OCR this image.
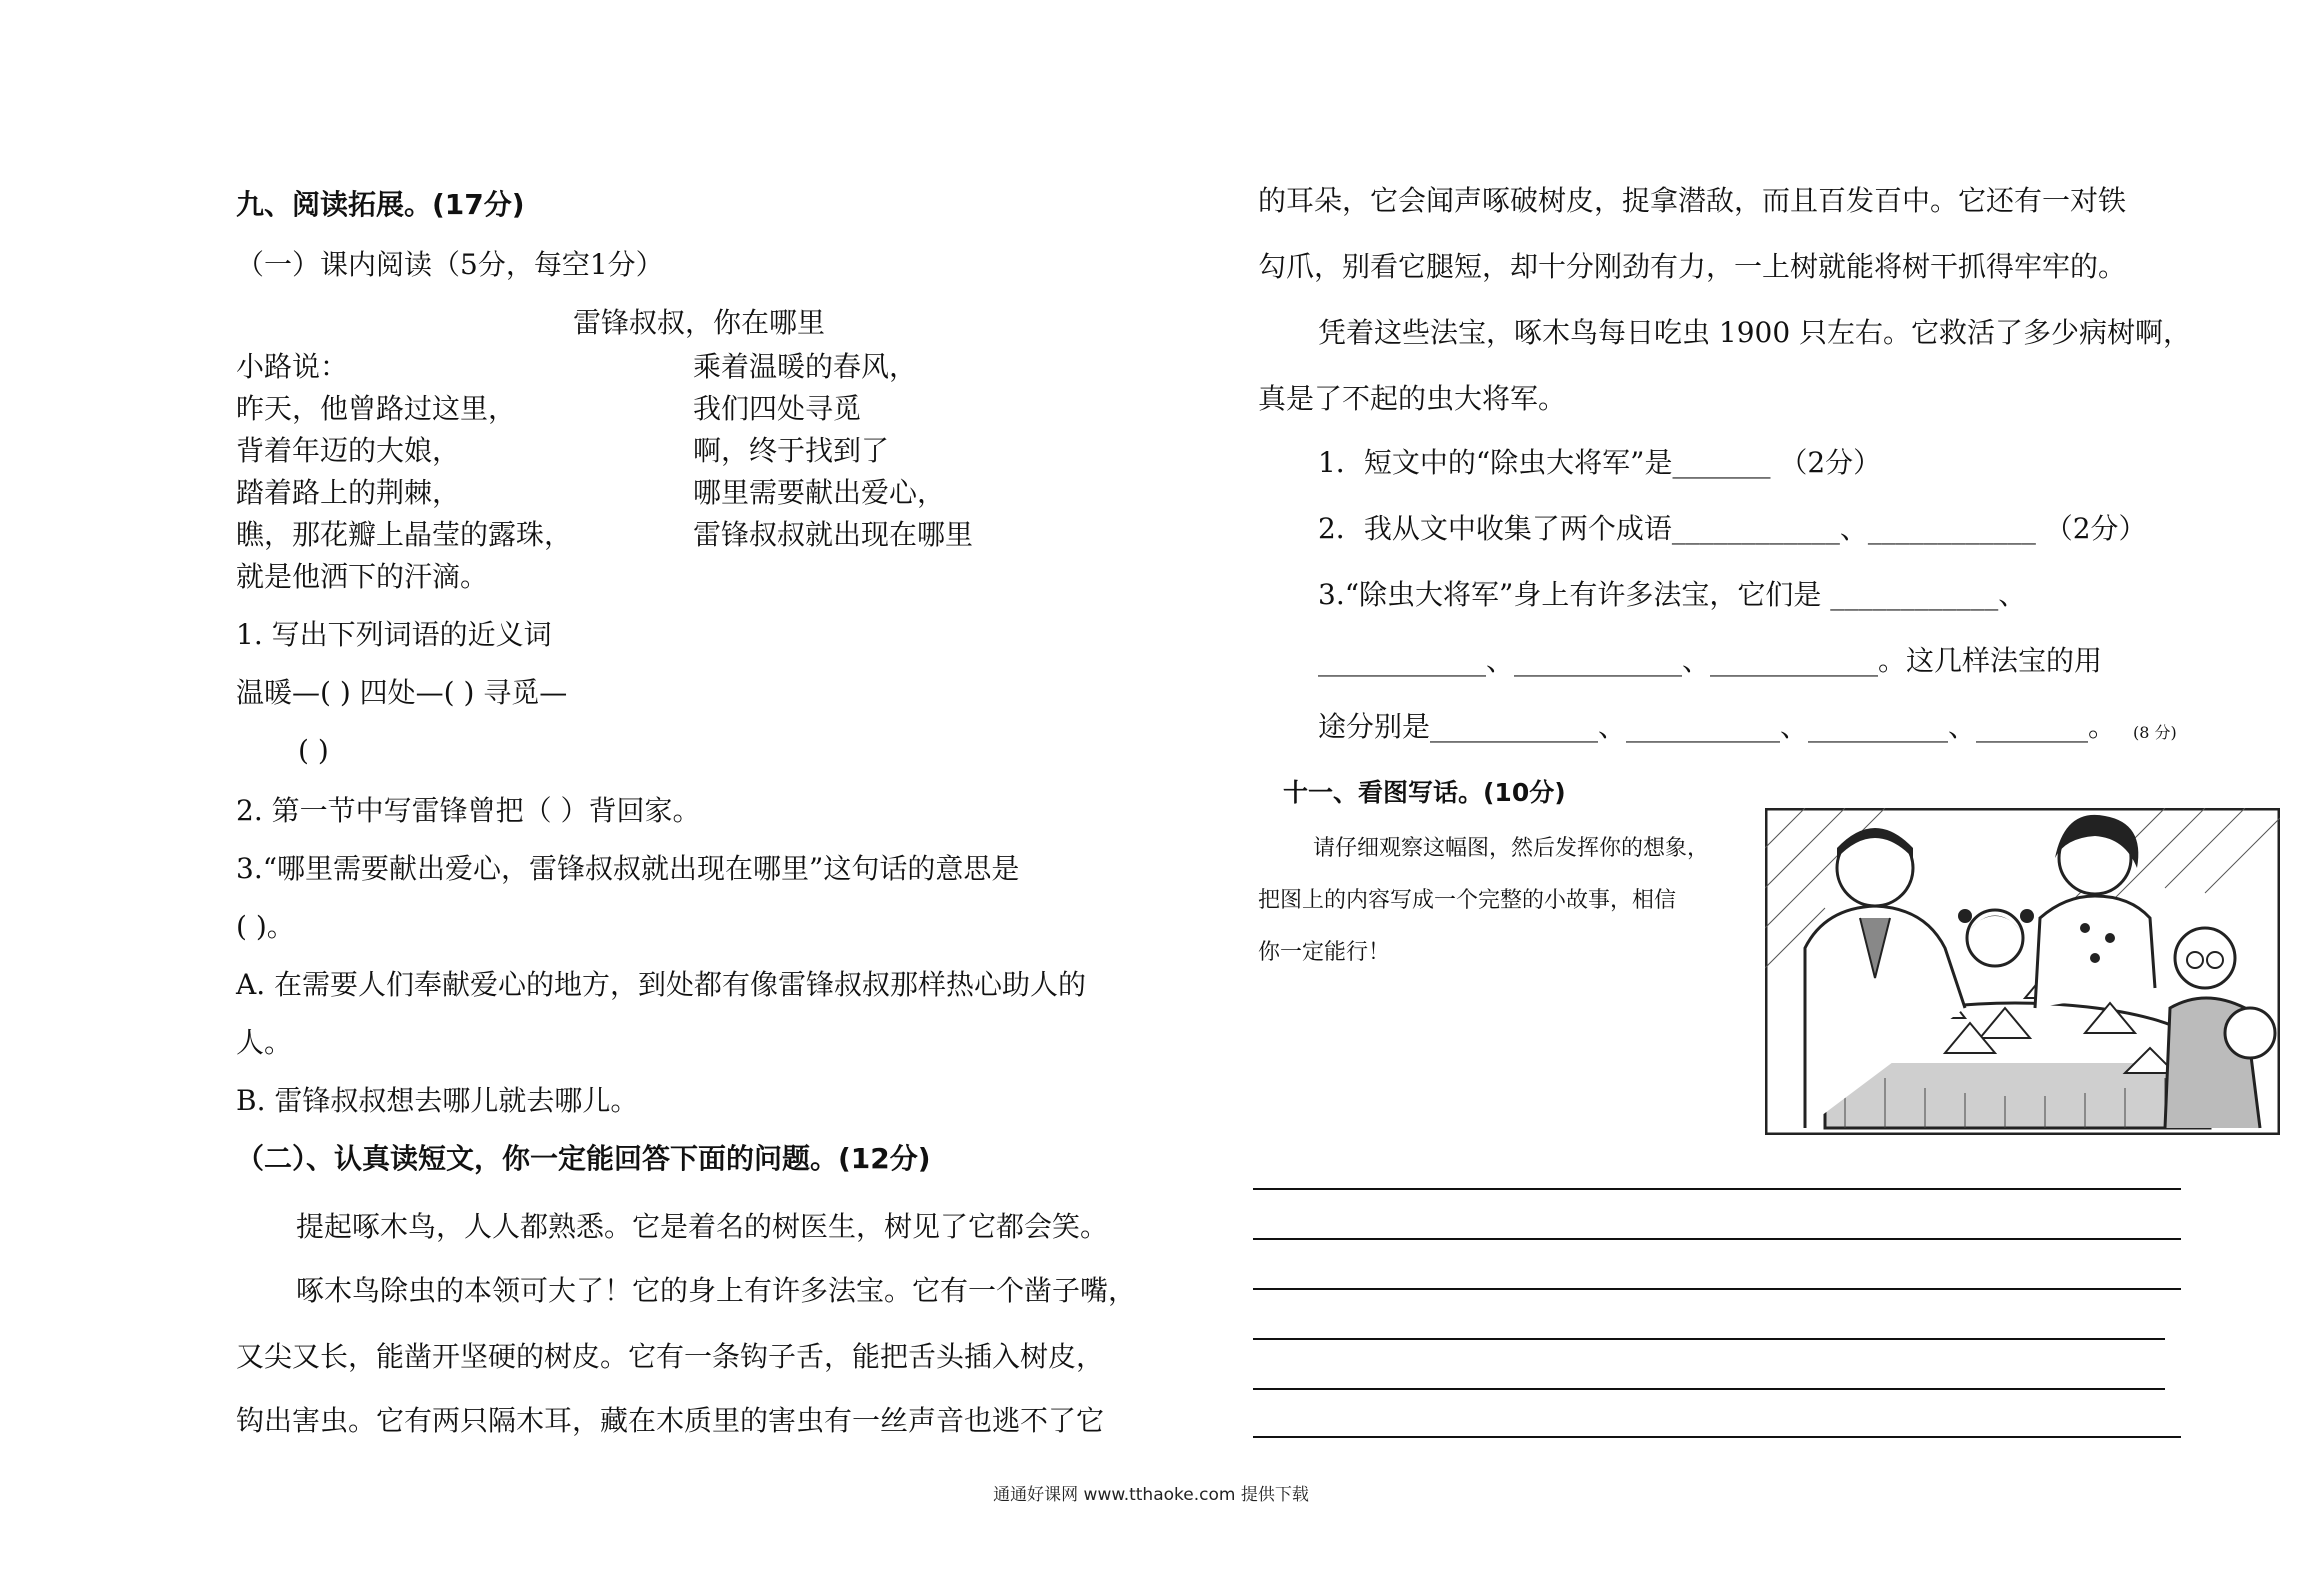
九、阅读拓展。(17分)
（一）课内阅读（5分，每空1分）
雷锋叔叔，你在哪里
小路说：
昨天，他曾路过这里，
背着年迈的大娘，
踏着路上的荆棘，
瞧，那花瓣上晶莹的露珠，
就是他洒下的汗滴。
乘着温暖的春风，
我们四处寻觅
啊，终于找到了
哪里需要献出爱心，
雷锋叔叔就出现在哪里
1. 写出下列词语的近义词
温暖—( ) 四处—( ) 寻觅—
( )
2. 第一节中写雷锋曾把（ ）背回家。
3.“哪里需要献出爱心，雷锋叔叔就出现在哪里”这句话的意思是
( )。
A. 在需要人们奉献爱心的地方，到处都有像雷锋叔叔那样热心助人的
人。
B. 雷锋叔叔想去哪儿就去哪儿。
（二）、认真读短文，你一定能回答下面的问题。(12分)
提起啄木鸟，人人都熟悉。它是着名的树医生，树见了它都会笑。
啄木鸟除虫的本领可大了！它的身上有许多法宝。它有一个凿子嘴，
又尖又长，能凿开坚硬的树皮。它有一条钩子舌，能把舌头插入树皮，
钩出害虫。它有两只隔木耳，藏在木质里的害虫有一丝声音也逃不了它
的耳朵，它会闻声啄破树皮，捉拿潜敌，而且百发百中。它还有一对铁
勾爪，别看它腿短，却十分刚劲有力，一上树就能将树干抓得牢牢的。
凭着这些法宝，啄木鸟每日吃虫 1900 只左右。它救活了多少病树啊，
真是了不起的虫大将军。
1．短文中的“除虫大将军”是_______ （2分）
2．我从文中收集了两个成语____________、____________ （2分）
3.“除虫大将军”身上有许多法宝，它们是 ____________、
____________、____________、____________。这几样法宝的用
途分别是____________、___________、__________、________。 (8 分)
十一、看图写话。(10分)
请仔细观察这幅图，然后发挥你的想象，
把图上的内容写成一个完整的小故事，相信
你一定能行！
通通好课网 www.tthaoke.com 提供下载
